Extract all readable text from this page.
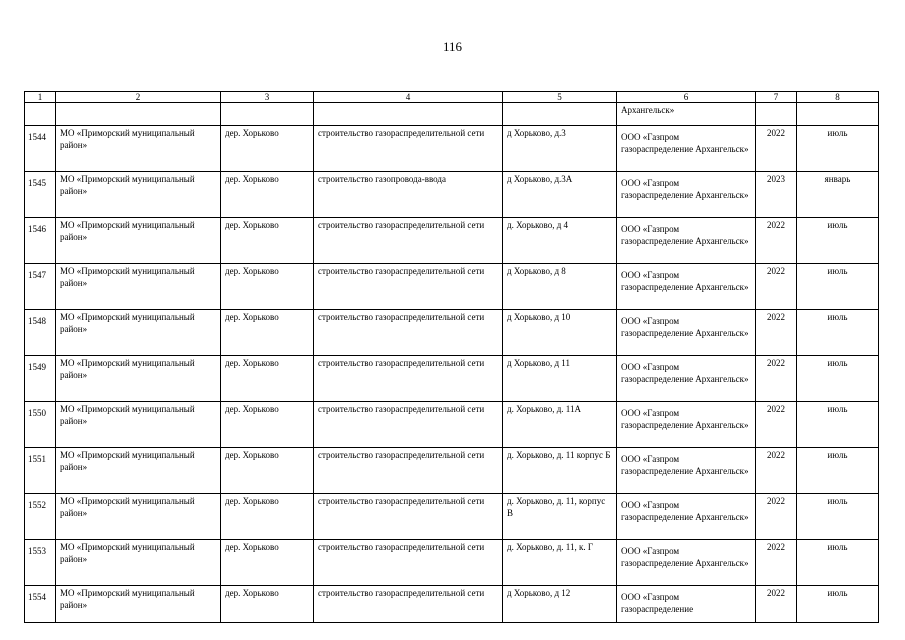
116
1	2	3	4	5	6	7	8
					Архангельск»		
1544	МО «Приморский муниципальный район»	дер. Хорьково	строительство газораспределительной сети	д Хорьково, д.3	ООО «Газпром газораспределение Архангельск»	2022	июль
1545	МО «Приморский муниципальный район»	дер. Хорьково	строительство газопровода-ввода	д Хорьково, д.3А	ООО «Газпром газораспределение Архангельск»	2023	январь
1546	МО «Приморский муниципальный район»	дер. Хорьково	строительство газораспределительной сети	д. Хорьково, д 4	ООО «Газпром газораспределение Архангельск»	2022	июль
1547	МО «Приморский муниципальный район»	дер. Хорьково	строительство газораспределительной сети	д Хорьково, д 8	ООО «Газпром газораспределение Архангельск»	2022	июль
1548	МО «Приморский муниципальный район»	дер. Хорьково	строительство газораспределительной сети	д Хорьково, д 10	ООО «Газпром газораспределение Архангельск»	2022	июль
1549	МО «Приморский муниципальный район»	дер. Хорьково	строительство газораспределительной сети	д Хорьково, д 11	ООО «Газпром газораспределение Архангельск»	2022	июль
1550	МО «Приморский муниципальный район»	дер. Хорьково	строительство газораспределительной сети	д. Хорьково, д. 11А	ООО «Газпром газораспределение Архангельск»	2022	июль
1551	МО «Приморский муниципальный район»	дер. Хорьково	строительство газораспределительной сети	д. Хорьково, д. 11 корпус Б	ООО «Газпром газораспределение Архангельск»	2022	июль
1552	МО «Приморский муниципальный район»	дер. Хорьково	строительство газораспределительной сети	д. Хорьково, д. 11, корпус В	ООО «Газпром газораспределение Архангельск»	2022	июль
1553	МО «Приморский муниципальный район»	дер. Хорьково	строительство газораспределительной сети	д. Хорьково, д. 11, к. Г	ООО «Газпром газораспределение Архангельск»	2022	июль
1554	МО «Приморский муниципальный район»	дер. Хорьково	строительство газораспределительной сети	д Хорьково, д 12	ООО «Газпром газораспределение	2022	июль
